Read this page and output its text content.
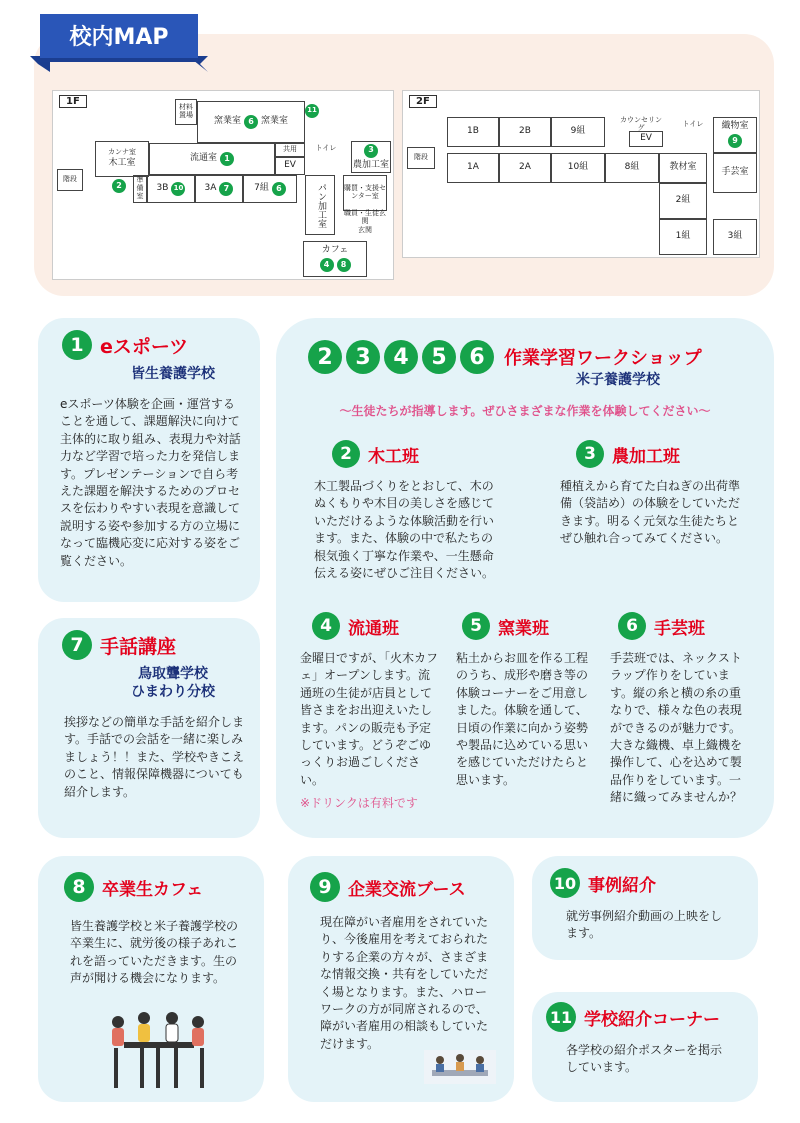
校内MAP
1F
材料置場
窯業室 6 窯業室
11
カンナ室
木工室
流通室 1
共用
EV
トイレ	3
農加工室
階段
2
準備室
3B 10 3A 7	7組 6	パン加工室	購買・支援センター室
職員・生徒玄関
玄関
カフェ
4	8
2F
1B	2B	9組
カウンセリング
EV
トイレ	織物室
9
階段
1A	2A	10組	8組	教材室	手芸室
2組
1組	3組
1 eスポーツ
皆生養護学校
eスポーツ体験を企画・運営することを通して、課題解決に向けて主体的に取り組み、表現力や対話力など学習で培った力を発信します。プレゼンテーションで自ら考えた課題を解決するためのプロセスを伝わりやすい表現を意識して説明する姿や参加する方の立場になって臨機応変に応対する姿をご覧ください。
7 手話講座
鳥取聾学校
ひまわり分校
挨拶などの簡単な手話を紹介します。手話での会話を一緒に楽しみましょう！！また、学校やきこえのこと、情報保障機器についても紹介します。
2	3	4	5	6	作業学習ワークショップ
米子養護学校
～生徒たちが指導します。ぜひさまざまな作業を体験してください～
2 木工班
木工製品づくりをとおして、木のぬくもりや木目の美しさを感じていただけるような体験活動を行います。また、体験の中で私たちの根気強く丁寧な作業や、一生懸命伝える姿にぜひご注目ください。
3 農加工班
種植えから育てた白ねぎの出荷準備（袋詰め）の体験をしていただきます。明るく元気な生徒たちとぜひ触れ合ってみてください。
4 流通班
金曜日ですが、「火木カフェ」オープンします。流通班の生徒が店員として皆さまをお出迎えいたします。パンの販売も予定しています。どうぞごゆっくりお過ごしください。
※ドリンクは有料です
5 窯業班
粘土からお皿を作る工程のうち、成形や磨き等の体験コーナーをご用意しました。体験を通して、日頃の作業に向かう姿勢や製品に込めている思いを感じていただけたらと思います。
6 手芸班
手芸班では、ネックストラップ作りをしています。縦の糸と横の糸の重なりで、様々な色の表現ができるのが魅力です。大きな織機、卓上織機を操作して、心を込めて製品作りをしています。一緒に織ってみませんか？
8 卒業生カフェ
皆生養護学校と米子養護学校の卒業生に、就労後の様子あれこれを語っていただきます。生の声が聞ける機会になります。
9 企業交流ブース
現在障がい者雇用をされていたり、今後雇用を考えておられたりする企業の方々が、さまざまな情報交換・共有をしていただく場となります。また、ハローワークの方が同席されるので、障がい者雇用の相談もしていただけます。
10 事例紹介
就労事例紹介動画の上映をします。
11 学校紹介コーナー
各学校の紹介ポスターを掲示しています。
